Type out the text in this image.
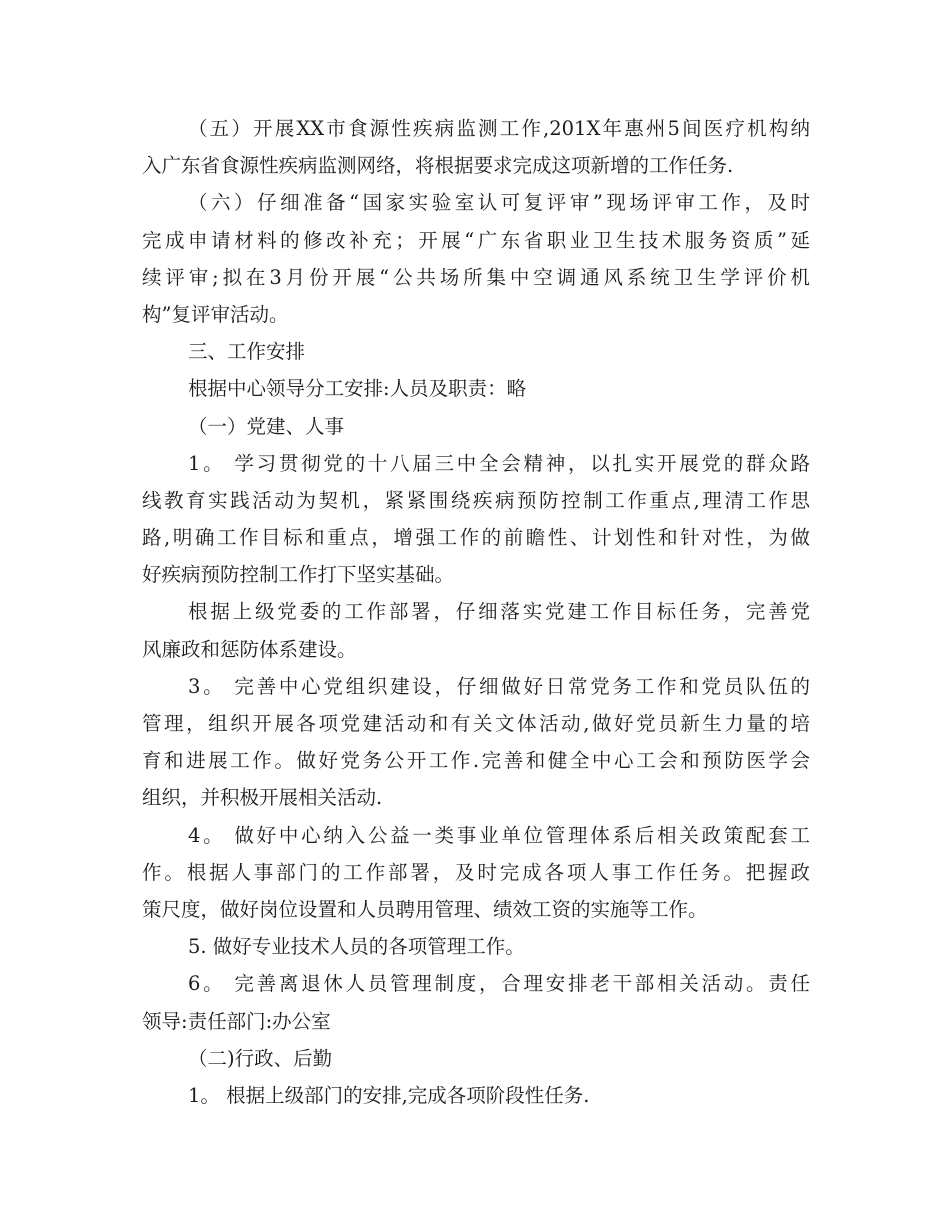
（五）开展XX市食源性疾病监测工作,201X年惠州5间医疗机构纳
入广东省食源性疾病监测网络，将根据要求完成这项新增的工作任务.
（六）仔细准备“国家实验室认可复评审”现场评审工作，及时
完成申请材料的修改补充；开展“广东省职业卫生技术服务资质”延
续评审;拟在3月份开展“公共场所集中空调通风系统卫生学评价机
构”复评审活动。
三、工作安排
根据中心领导分工安排:人员及职责：略
（一）党建、人事
1。 学习贯彻党的十八届三中全会精神，以扎实开展党的群众路
线教育实践活动为契机，紧紧围绕疾病预防控制工作重点,理清工作思
路,明确工作目标和重点，增强工作的前瞻性、计划性和针对性，为做
好疾病预防控制工作打下坚实基础。
根据上级党委的工作部署，仔细落实党建工作目标任务，完善党
风廉政和惩防体系建设。
3。 完善中心党组织建设，仔细做好日常党务工作和党员队伍的
管理，组织开展各项党建活动和有关文体活动,做好党员新生力量的培
育和进展工作。做好党务公开工作.完善和健全中心工会和预防医学会
组织，并积极开展相关活动.
4。 做好中心纳入公益一类事业单位管理体系后相关政策配套工
作。根据人事部门的工作部署，及时完成各项人事工作任务。把握政
策尺度，做好岗位设置和人员聘用管理、绩效工资的实施等工作。
5. 做好专业技术人员的各项管理工作。
6。 完善离退休人员管理制度，合理安排老干部相关活动。责任
领导:责任部门:办公室
（二)行政、后勤
1。 根据上级部门的安排,完成各项阶段性任务.
